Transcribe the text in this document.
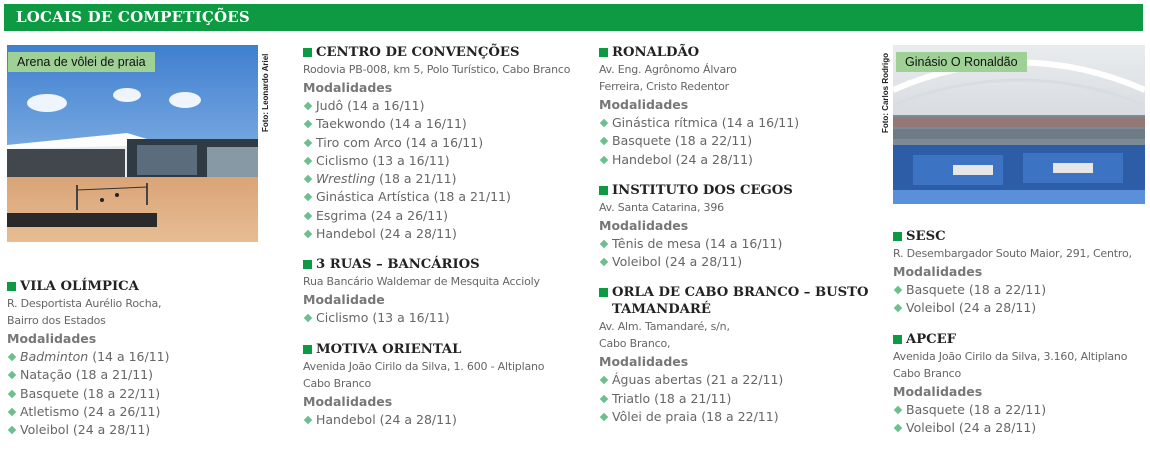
LOCAIS DE COMPETIÇÕES
Arena de vôlei de praia	Foto: Leonardo Ariel	Ginásio O Ronaldão
Foto: Carlos Rodrigo
VILA OLÍMPICA
R. Desportista Aurélio Rocha,
Bairro dos Estados
Modalidades
Badminton (14 a 16/11)
Natação (18 a 21/11)
Basquete (18 a 22/11)
Atletismo (24 a 26/11)
Voleibol (24 a 28/11)
CENTRO DE CONVENÇÕES
Rodovia PB-008, km 5, Polo Turístico, Cabo Branco
Modalidades
Judô (14 a 16/11)
Taekwondo (14 a 16/11)
Tiro com Arco (14 a 16/11)
Ciclismo (13 a 16/11)
Wrestling (18 a 21/11)
Ginástica Artística (18 a 21/11)
Esgrima (24 a 26/11)
Handebol (24 a 28/11)
3 RUAS – BANCÁRIOS
Rua Bancário Waldemar de Mesquita Accioly
Modalidade
Ciclismo (13 a 16/11)
MOTIVA ORIENTAL
Avenida João Cirilo da Silva, 1. 600 - Altiplano
Cabo Branco
Modalidades
Handebol (24 a 28/11)
RONALDÃO
Av. Eng. Agrônomo Álvaro
Ferreira, Cristo Redentor
Modalidades
Ginástica rítmica (14 a 16/11)
Basquete (18 a 22/11)
Handebol (24 a 28/11)
INSTITUTO DOS CEGOS
Av. Santa Catarina, 396
Modalidades
Tênis de mesa (14 a 16/11)
Voleibol (24 a 28/11)
ORLA DE CABO BRANCO – BUSTO
TAMANDARÉ
Av. Alm. Tamandaré, s/n,
Cabo Branco,
Modalidades
Águas abertas (21 a 22/11)
Triatlo (18 a 21/11)
Vôlei de praia (18 a 22/11)
SESC
R. Desembargador Souto Maior, 291, Centro,
Modalidades
Basquete (18 a 22/11)
Voleibol (24 a 28/11)
APCEF
Avenida João Cirilo da Silva, 3.160, Altiplano
Cabo Branco
Modalidades
Basquete (18 a 22/11)
Voleibol (24 a 28/11)
